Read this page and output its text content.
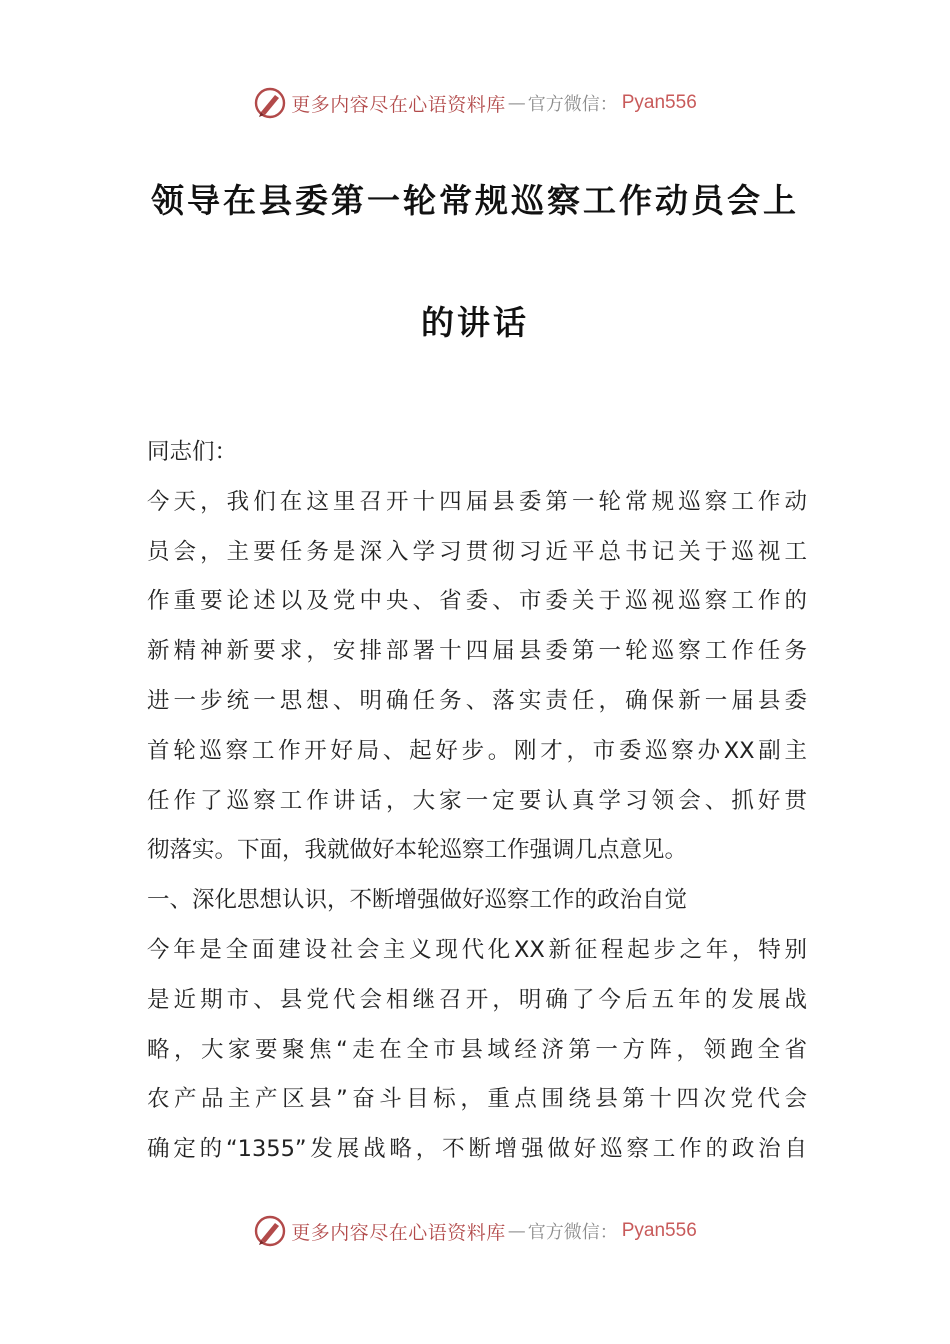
更多内容尽在心语资料库 — 官方微信： Pyan556
领导在县委第一轮常规巡察工作动员会上
的讲话
同志们：
今天，我们在这里召开十四届县委第一轮常规巡察工作动
员会，主要任务是深入学习贯彻习近平总书记关于巡视工
作重要论述以及党中央、省委、市委关于巡视巡察工作的
新精神新要求，安排部署十四届县委第一轮巡察工作任务
进一步统一思想、明确任务、落实责任，确保新一届县委
首轮巡察工作开好局、起好步。刚才，市委巡察办XX副主
任作了巡察工作讲话，大家一定要认真学习领会、抓好贯
彻落实。下面，我就做好本轮巡察工作强调几点意见。
一、深化思想认识，不断增强做好巡察工作的政治自觉
今年是全面建设社会主义现代化XX新征程起步之年，特别
是近期市、县党代会相继召开，明确了今后五年的发展战
略，大家要聚焦“走在全市县域经济第一方阵，领跑全省
农产品主产区县”奋斗目标，重点围绕县第十四次党代会
确定的“1355”发展战略，不断增强做好巡察工作的政治自
更多内容尽在心语资料库 — 官方微信： Pyan556
